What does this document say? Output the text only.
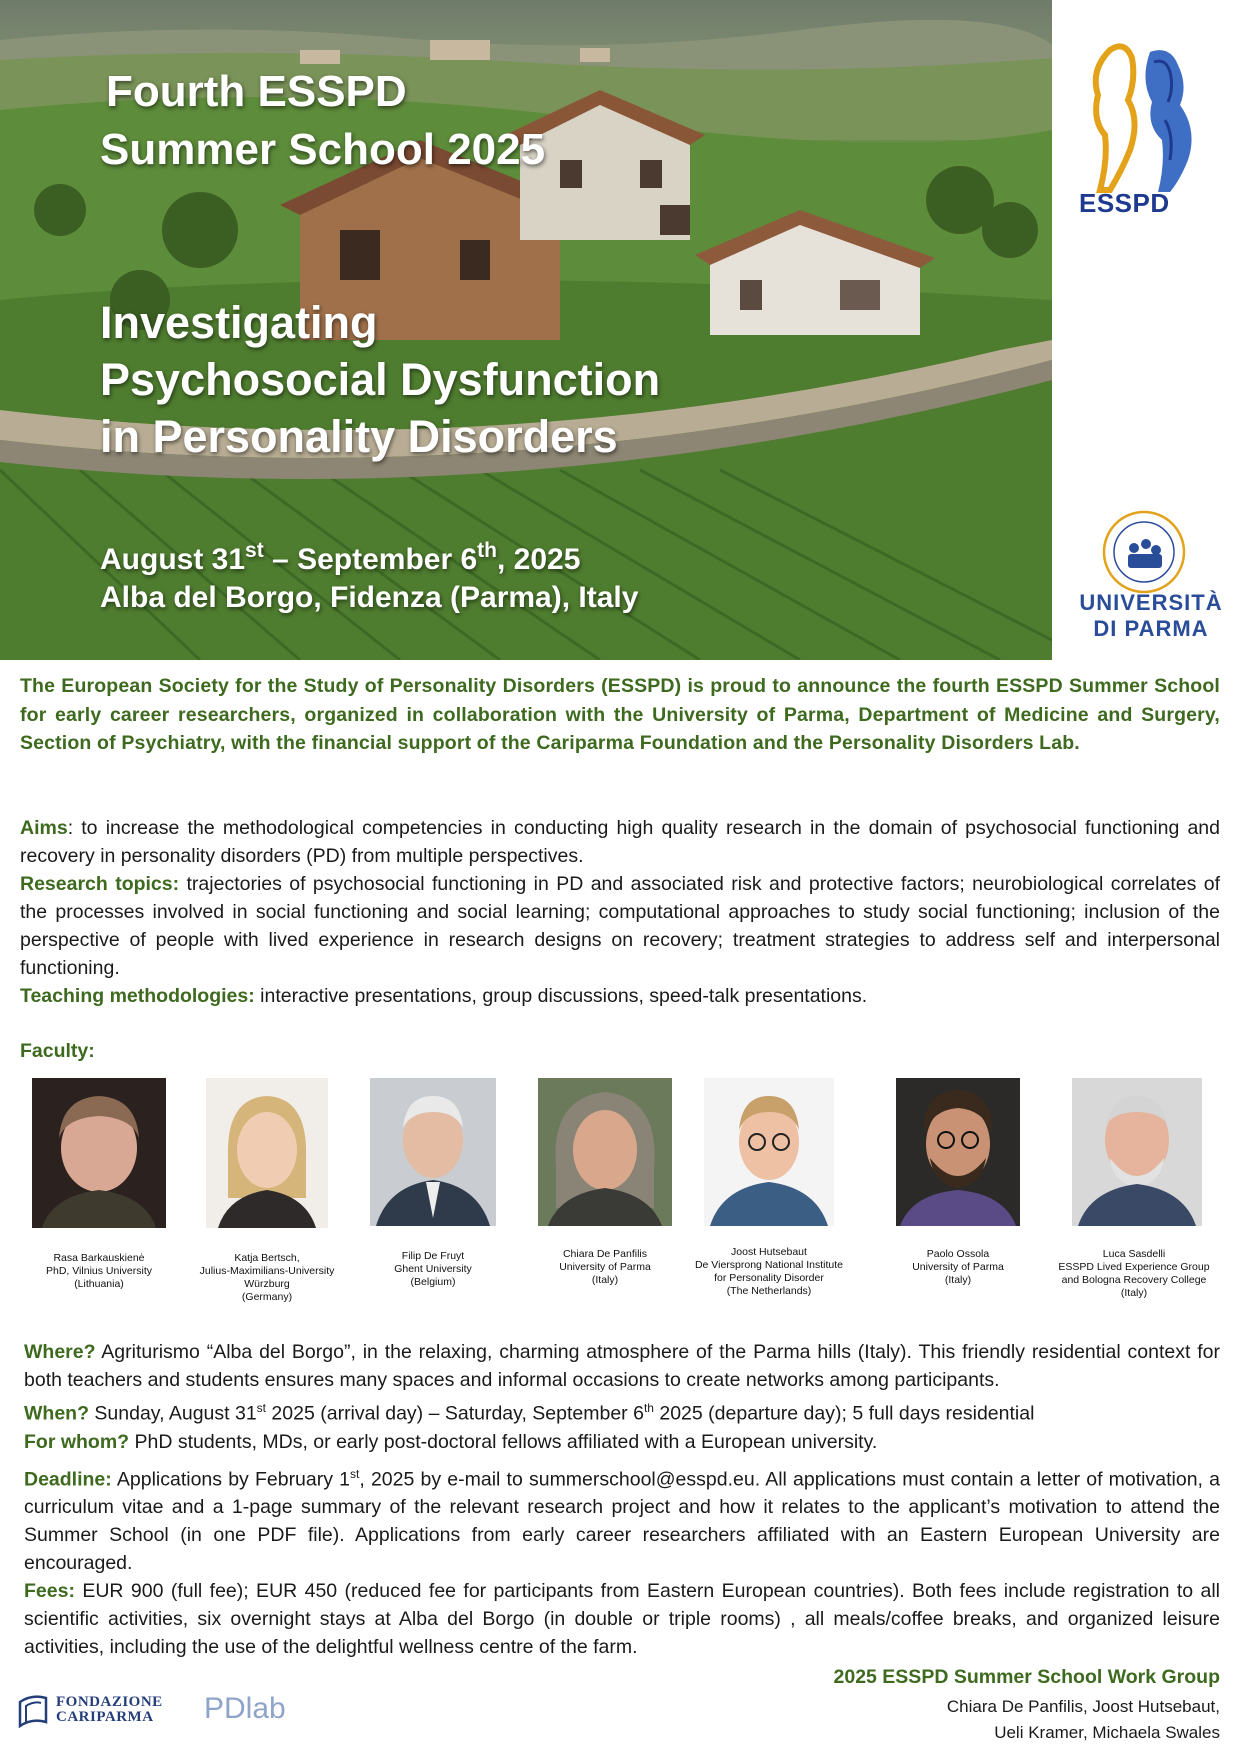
Fourth ESSPD
Summer School 2025
Investigating
Psychosocial Dysfunction
in Personality Disorders
August 31st – September 6th, 2025
Alba del Borgo, Fidenza (Parma), Italy
ESSPD
UNIVERSITÀ
DI PARMA
The European Society for the Study of Personality Disorders (ESSPD) is proud to announce the fourth ESSPD Summer School for early career researchers, organized in collaboration with the University of Parma, Department of Medicine and Surgery, Section of Psychiatry, with the financial support of the Cariparma Foundation and the Personality Disorders Lab.

Aims: to increase the methodological competencies in conducting high quality research in the domain of psychosocial functioning and recovery in personality disorders (PD) from multiple perspectives.

Research topics: trajectories of psychosocial functioning in PD and associated risk and protective factors; neurobiological correlates of the processes involved in social functioning and social learning; computational approaches to study social functioning; inclusion of the perspective of people with lived experience in research designs on recovery; treatment strategies to address self and interpersonal functioning.

Teaching methodologies: interactive presentations, group discussions, speed-talk presentations.

Faculty:
Rasa Barkauskienė
PhD, Vilnius University
(Lithuania)
Katja Bertsch,
Julius-Maximilians-University
Würzburg
(Germany)
Filip De Fruyt
Ghent University
(Belgium)
Chiara De Panfilis
University of Parma
(Italy)
Joost Hutsebaut
De Viersprong National Institute
for Personality Disorder
(The Netherlands)
Paolo Ossola
University of Parma
(Italy)
Luca Sasdelli
ESSPD Lived Experience Group
and Bologna Recovery College
(Italy)

Where? Agriturismo “Alba del Borgo”, in the relaxing, charming atmosphere of the Parma hills (Italy). This friendly residential context for both teachers and students ensures many spaces and informal occasions to create networks among participants.

When? Sunday, August 31st 2025 (arrival day) – Saturday, September 6th 2025 (departure day); 5 full days residential

For whom? PhD students, MDs, or early post-doctoral fellows affiliated with a European university.

Deadline: Applications by February 1st, 2025 by e-mail to summerschool@esspd.eu. All applications must contain a letter of motivation, a curriculum vitae and a 1-page summary of the relevant research project and how it relates to the applicant’s motivation to attend the Summer School (in one PDF file). Applications from early career researchers affiliated with an Eastern European University are encouraged.

Fees: EUR 900 (full fee); EUR 450 (reduced fee for participants from Eastern European countries). Both fees include registration to all scientific activities, six overnight stays at Alba del Borgo (in double or triple rooms) , all meals/coffee breaks, and organized leisure activities, including the use of the delightful wellness centre of the farm.

FONDAZIONE
CARIPARMA	PDlab
2025 ESSPD Summer School Work Group
Chiara De Panfilis, Joost Hutsebaut,
Ueli Kramer, Michaela Swales
